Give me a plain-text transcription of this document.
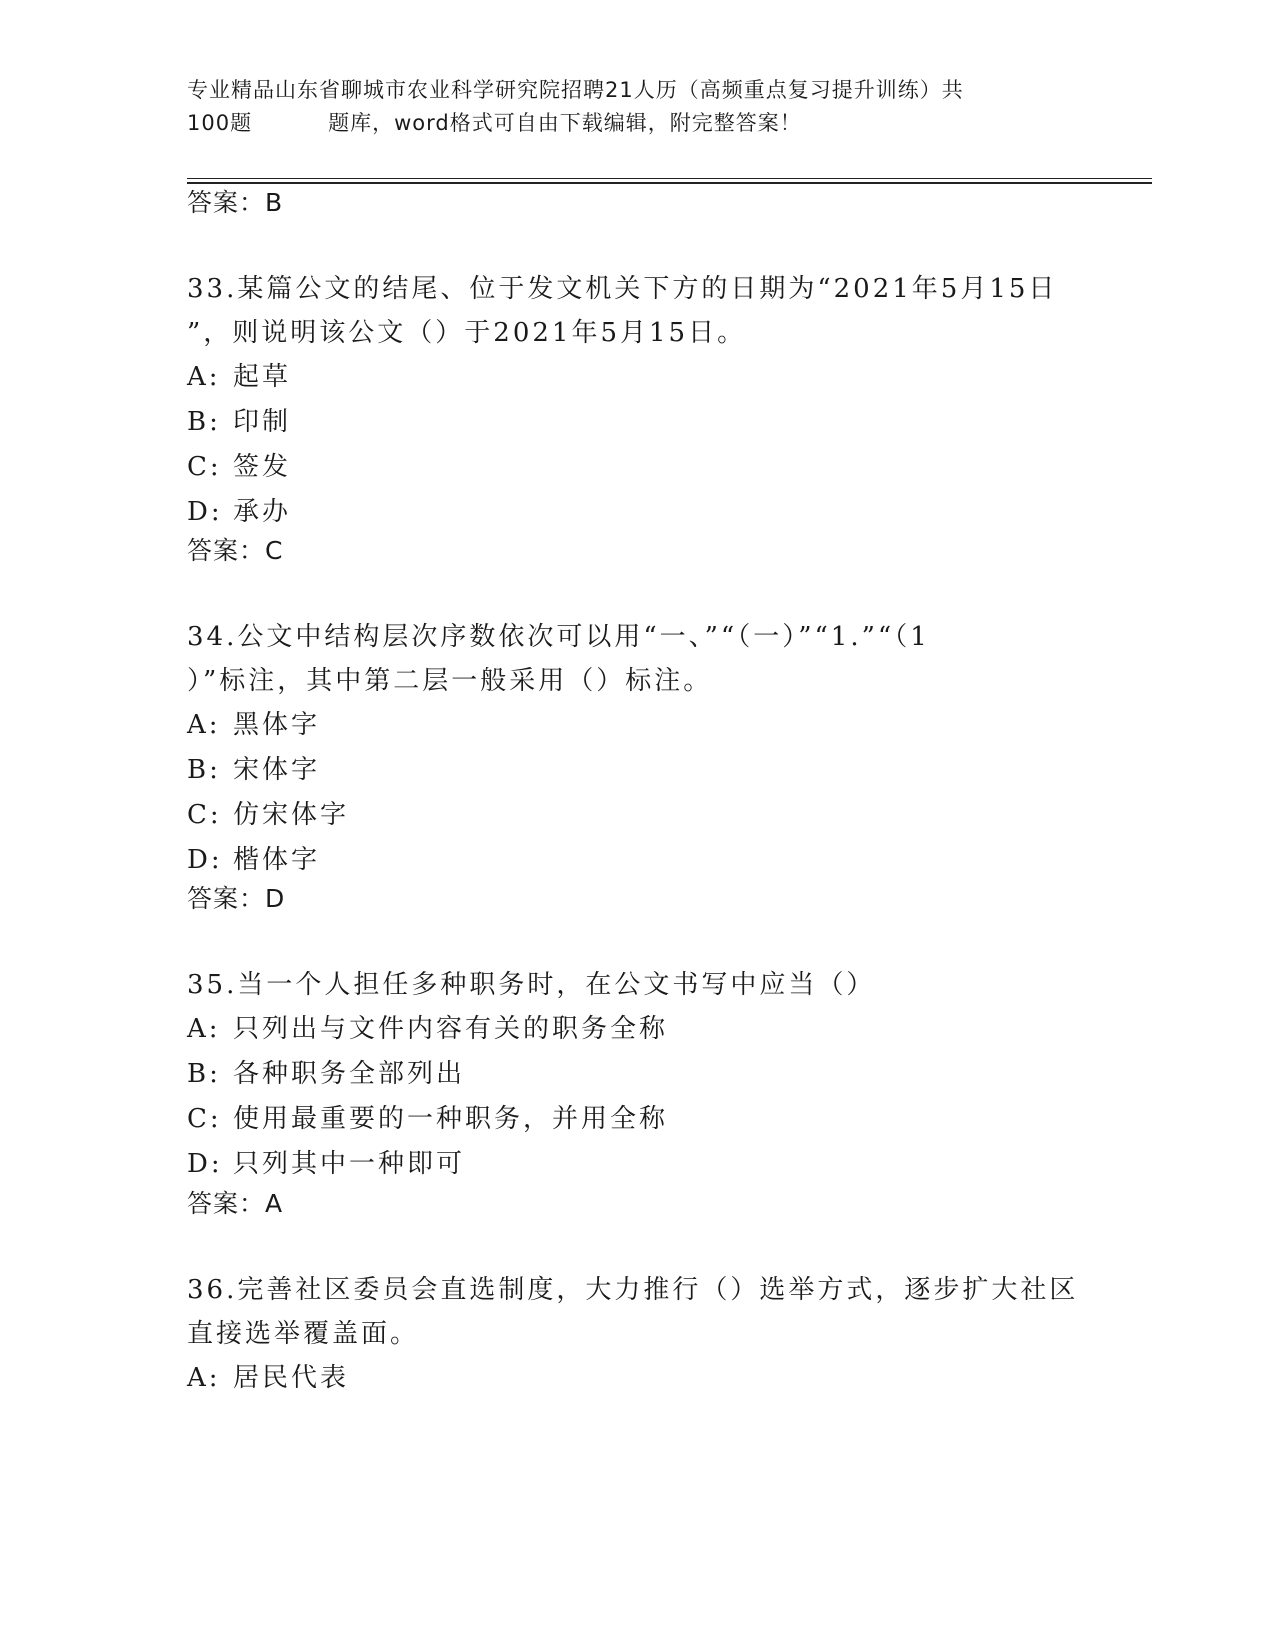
专业精品山东省聊城市农业科学研究院招聘21人历（高频重点复习提升训练）共
100题	题库，word格式可自由下载编辑，附完整答案！
答案：B
33.某篇公文的结尾、位于发文机关下方的日期为“2021年5月15日
”，则说明该公文（）于2021年5月15日。
A: 起草
B: 印制
C: 签发
D: 承办
答案：C
34.公文中结构层次序数依次可以用“一、”“（一）”“1.”“（1
）”标注，其中第二层一般采用（）标注。
A: 黑体字
B: 宋体字
C: 仿宋体字
D: 楷体字
答案：D
35.当一个人担任多种职务时，在公文书写中应当（）
A: 只列出与文件内容有关的职务全称
B: 各种职务全部列出
C: 使用最重要的一种职务，并用全称
D: 只列其中一种即可
答案：A
36.完善社区委员会直选制度，大力推行（）选举方式，逐步扩大社区
直接选举覆盖面。
A: 居民代表
